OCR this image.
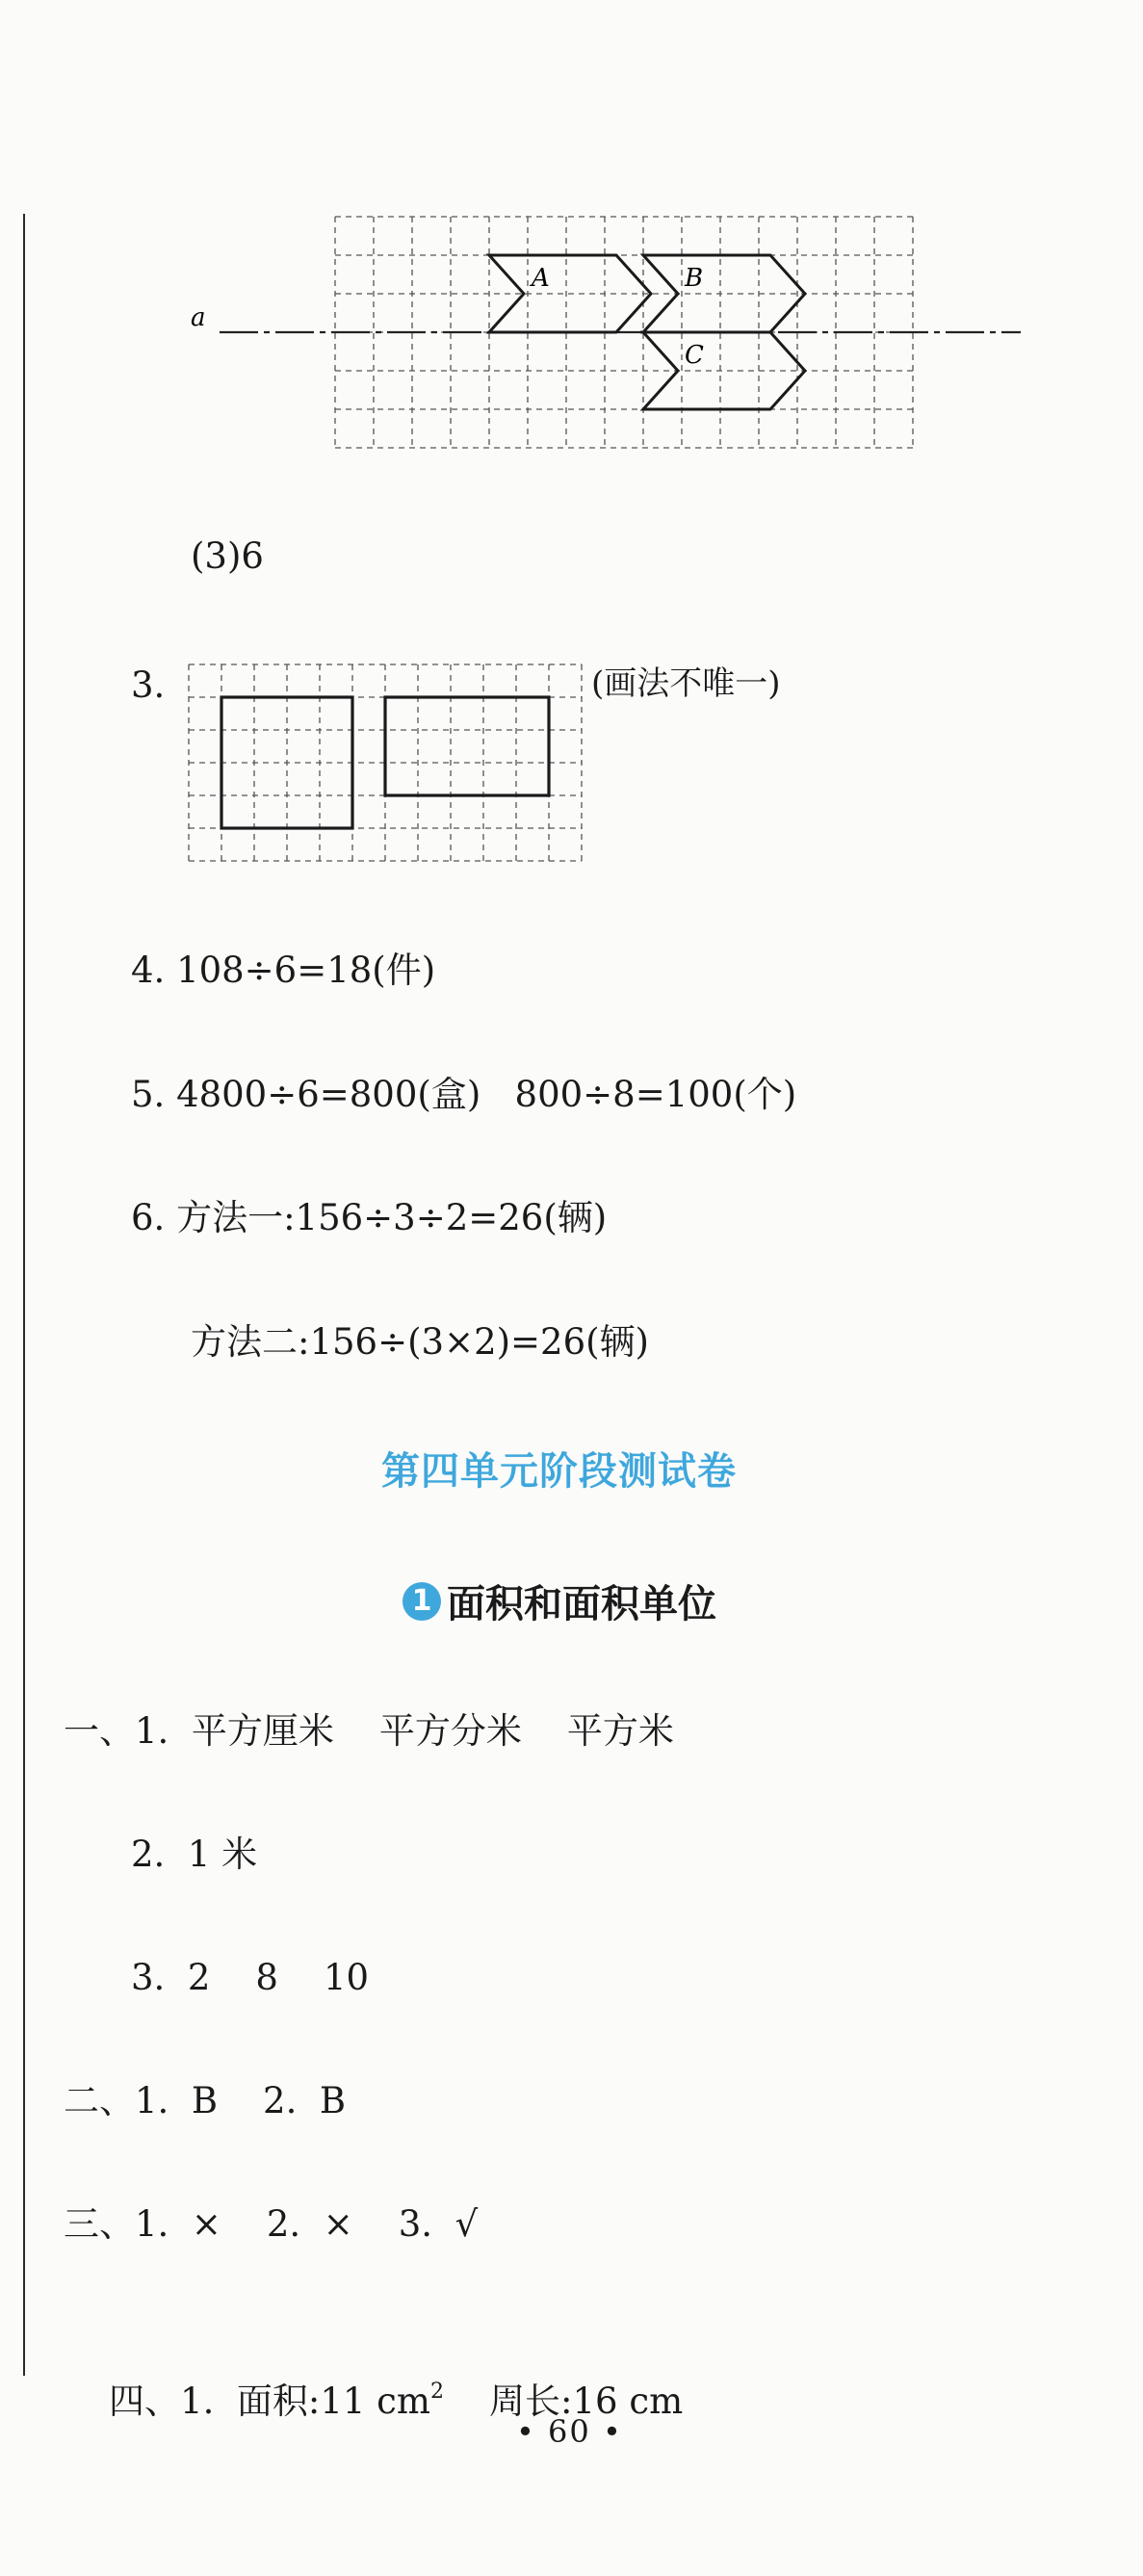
a
A	B
C
(3)6
3.	(画法不唯一)
4. 108÷6=18(件)
5. 4800÷6=800(盒)   800÷8=100(个)
6. 方法一:156÷3÷2=26(辆)
方法二:156÷(3×2)=26(辆)
第四单元阶段测试卷
1 面积和面积单位
一、1.  平方厘米    平方分米    平方米
2.  1 米
3.  2    8    10
二、1.  B    2.  B
三、1.  ×    2.  ×    3.  √

四、1.  面积:11 $cm^2$    周长:16 cm

• 60 •
